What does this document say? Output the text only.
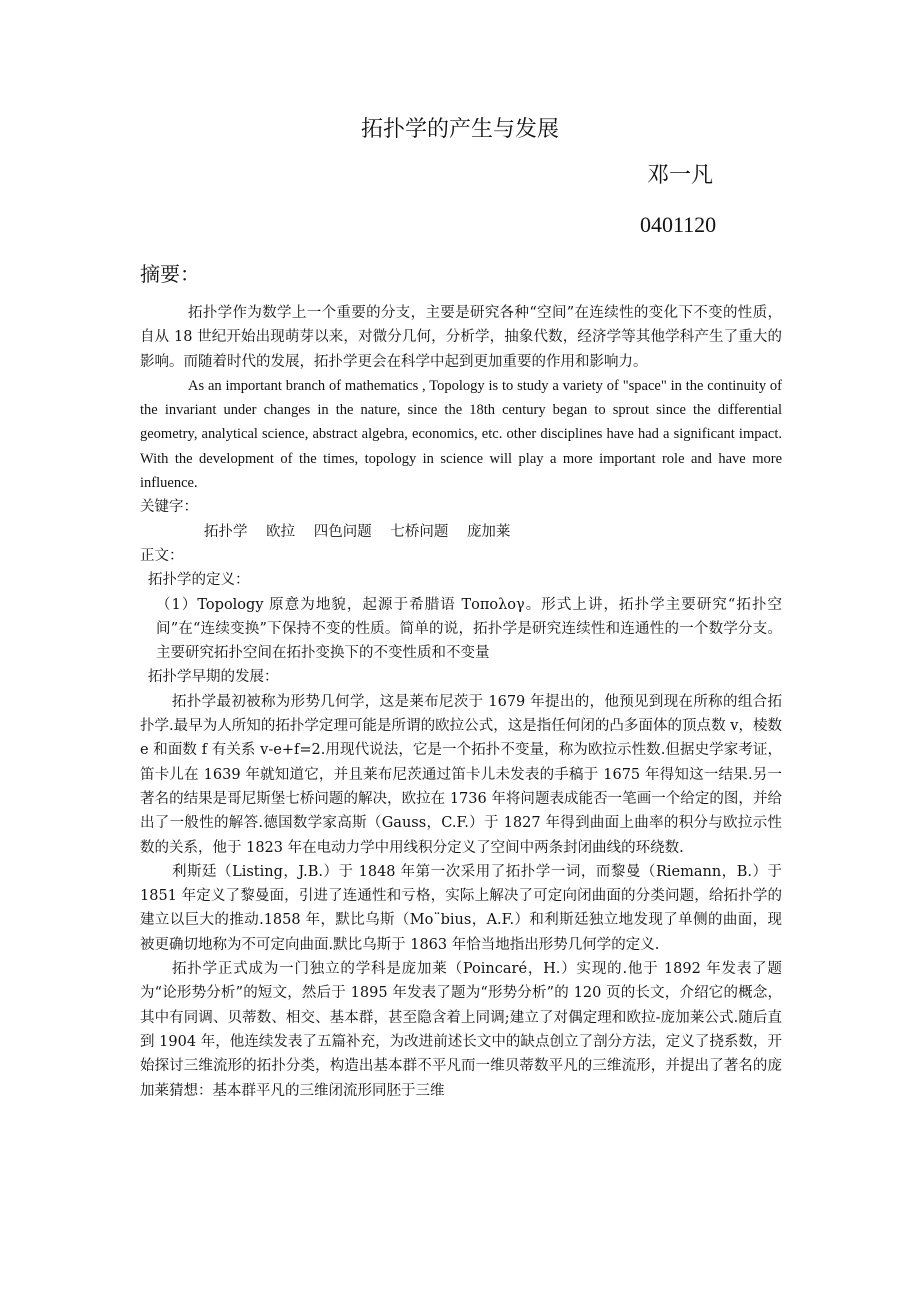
拓扑学的产生与发展
邓一凡
0401120
摘要：

拓扑学作为数学上一个重要的分支，主要是研究各种“空间”在连续性的变化下不变的性质，自从 18 世纪开始出现萌芽以来，对微分几何，分析学，抽象代数，经济学等其他学科产生了重大的影响。而随着时代的发展，拓扑学更会在科学中起到更加重要的作用和影响力。

As an important branch of mathematics , Topology is to study a variety of "space" in the continuity of the invariant under changes in the nature, since the 18th century began to sprout since the differential geometry, analytical science, abstract algebra, economics, etc. other disciplines have had a significant impact. With the development of the times, topology in science will play a more important role and have more influence.

关键字：

拓扑学 欧拉 四色问题 七桥问题 庞加莱

正文：

拓扑学的定义：

（1）Topology 原意为地貌，起源于希腊语 Τοπολογ。形式上讲，拓扑学主要研究“拓扑空间”在“连续变换”下保持不变的性质。简单的说，拓扑学是研究连续性和连通性的一个数学分支。主要研究拓扑空间在拓扑变换下的不变性质和不变量

拓扑学早期的发展：

拓扑学最初被称为形势几何学，这是莱布尼茨于 1679 年提出的，他预见到现在所称的组合拓扑学.最早为人所知的拓扑学定理可能是所谓的欧拉公式，这是指任何闭的凸多面体的顶点数 v，棱数 e 和面数 f 有关系 v-e+f=2.用现代说法，它是一个拓扑不变量，称为欧拉示性数.但据史学家考证，笛卡儿在 1639 年就知道它，并且莱布尼茨通过笛卡儿未发表的手稿于 1675 年得知这一结果.另一著名的结果是哥尼斯堡七桥问题的解决，欧拉在 1736 年将问题表成能否一笔画一个给定的图，并给出了一般性的解答.德国数学家高斯（Gauss，C.F.）于 1827 年得到曲面上曲率的积分与欧拉示性数的关系，他于 1823 年在电动力学中用线积分定义了空间中两条封闭曲线的环绕数.

利斯廷（Listing，J.B.）于 1848 年第一次采用了拓扑学一词，而黎曼（Riemann，B.）于 1851 年定义了黎曼面，引进了连通性和亏格，实际上解决了可定向闭曲面的分类问题，给拓扑学的建立以巨大的推动.1858 年，默比乌斯（Mo¨bius，A.F.）和利斯廷独立地发现了单侧的曲面，现被更确切地称为不可定向曲面.默比乌斯于 1863 年恰当地指出形势几何学的定义.

拓扑学正式成为一门独立的学科是庞加莱（Poincaré，H.）实现的.他于 1892 年发表了题为“论形势分析”的短文，然后于 1895 年发表了题为“形势分析”的 120 页的长文，介绍它的概念，其中有同调、贝蒂数、相交、基本群，甚至隐含着上同调;建立了对偶定理和欧拉-庞加莱公式.随后直到 1904 年，他连续发表了五篇补充，为改进前述长文中的缺点创立了剖分方法，定义了挠系数，开始探讨三维流形的拓扑分类，构造出基本群不平凡而一维贝蒂数平凡的三维流形，并提出了著名的庞加莱猜想：基本群平凡的三维闭流形同胚于三维
